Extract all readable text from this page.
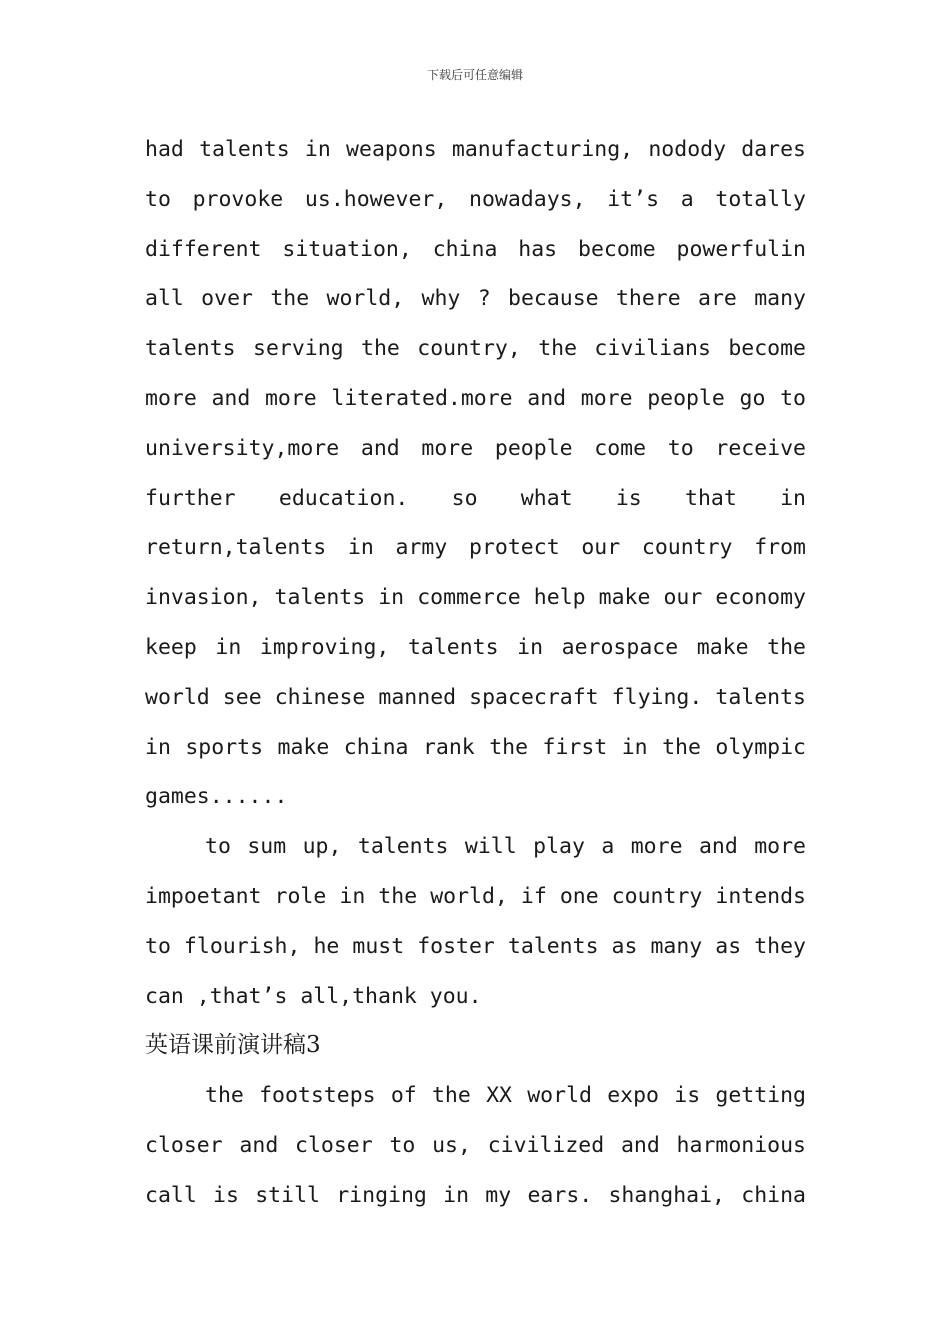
下载后可任意编辑
had talents in weapons manufacturing, nodody dares
to provoke us.however, nowadays, it’s a totally
different situation, china has become powerfulin
all over the world, why ? because there are many
talents serving the country, the civilians become
more and more literated.more and more people go to
university,more and more people come to receive
further education. so what is that in
return,talents in army protect our country from
invasion, talents in commerce help make our economy
keep in improving, talents in aerospace make the
world see chinese manned spacecraft flying. talents
in sports make china rank the first in the olympic
games......
to sum up, talents will play a more and more
impoetant role in the world, if one country intends
to flourish, he must foster talents as many as they
can ,that’s all,thank you.
英语课前演讲稿3
the footsteps of the XX world expo is getting
closer and closer to us, civilized and harmonious
call is still ringing in my ears. shanghai, china
